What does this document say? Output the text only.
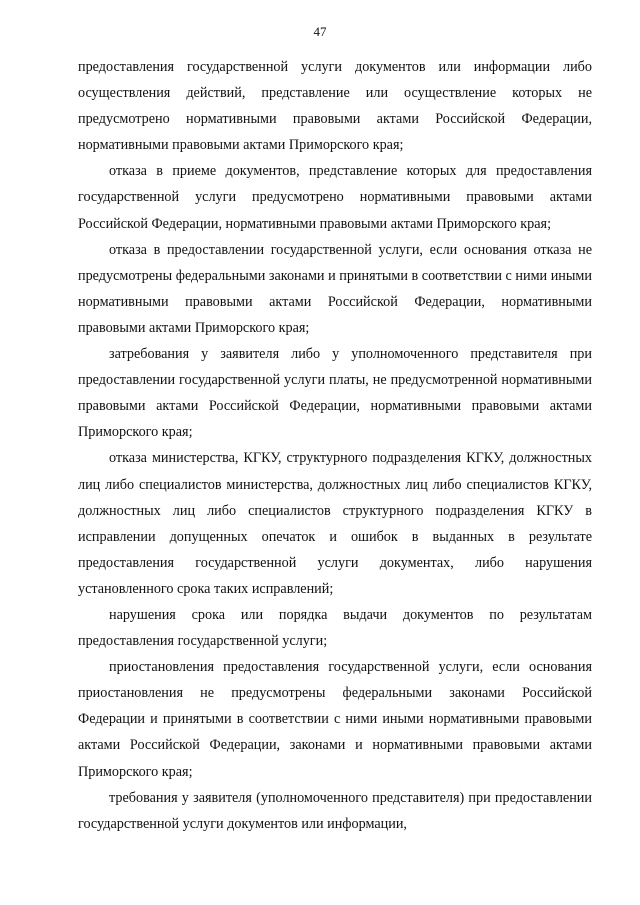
47

предоставления государственной услуги документов или информации либо осуществления действий, представление или осуществление которых не предусмотрено нормативными правовыми актами Российской Федерации, нормативными правовыми актами Приморского края;

отказа в приеме документов, представление которых для предоставления государственной услуги предусмотрено нормативными правовыми актами Российской Федерации, нормативными правовыми актами Приморского края;

отказа в предоставлении государственной услуги, если основания отказа не предусмотрены федеральными законами и принятыми в соответствии с ними иными нормативными правовыми актами Российской Федерации, нормативными правовыми актами Приморского края;

затребования у заявителя либо у уполномоченного представителя при предоставлении государственной услуги платы, не предусмотренной нормативными правовыми актами Российской Федерации, нормативными правовыми актами Приморского края;

отказа министерства, КГКУ, структурного подразделения КГКУ, должностных лиц либо специалистов министерства, должностных лиц либо специалистов КГКУ, должностных лиц либо специалистов структурного подразделения КГКУ в исправлении допущенных опечаток и ошибок в выданных в результате предоставления государственной услуги документах, либо нарушения установленного срока таких исправлений;

нарушения срока или порядка выдачи документов по результатам предоставления государственной услуги;

приостановления предоставления государственной услуги, если основания приостановления не предусмотрены федеральными законами Российской Федерации и принятыми в соответствии с ними иными нормативными правовыми актами Российской Федерации, законами и нормативными правовыми актами Приморского края;

требования у заявителя (уполномоченного представителя) при предоставлении государственной услуги документов или информации,
